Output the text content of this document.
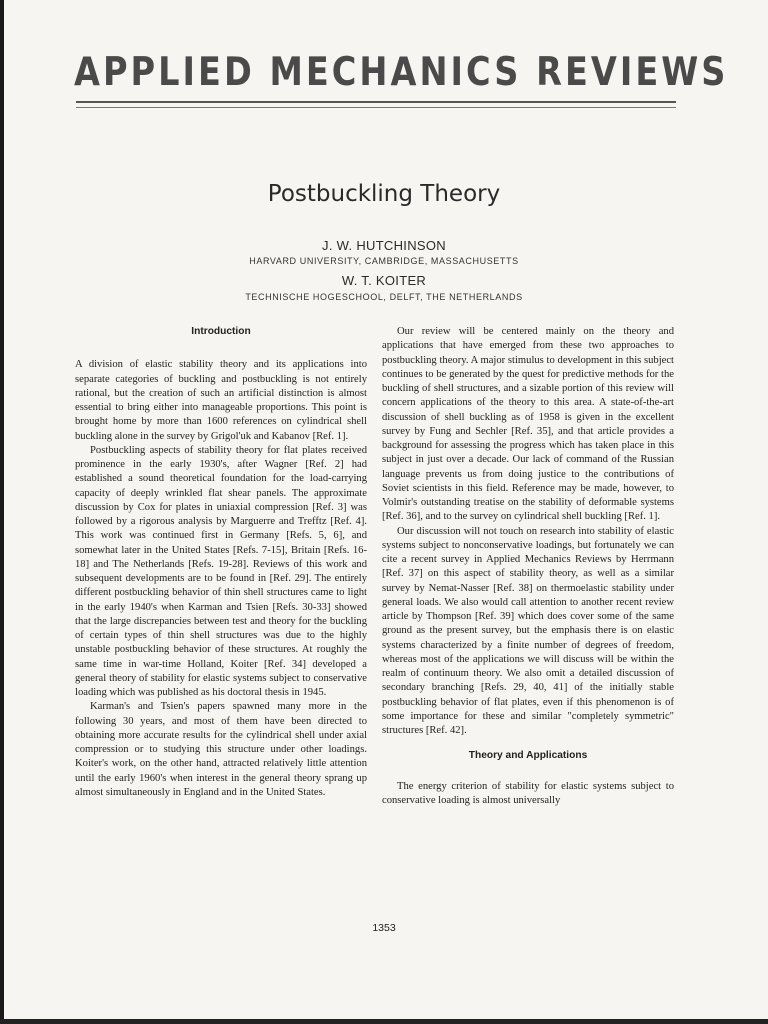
APPLIED MECHANICS REVIEWS
Postbuckling Theory
J. W. HUTCHINSON
HARVARD UNIVERSITY, CAMBRIDGE, MASSACHUSETTS
W. T. KOITER
TECHNISCHE HOGESCHOOL, DELFT, THE NETHERLANDS
Introduction

A division of elastic stability theory and its applications into separate categories of buckling and postbuckling is not entirely rational, but the creation of such an artificial distinction is almost essential to bring either into manageable proportions. This point is brought home by more than 1600 references on cylindrical shell buckling alone in the survey by Grigol'uk and Kabanov [Ref. 1].

Postbuckling aspects of stability theory for flat plates received prominence in the early 1930's, after Wagner [Ref. 2] had established a sound theoretical foundation for the load-carrying capacity of deeply wrinkled flat shear panels. The approximate discussion by Cox for plates in uniaxial compression [Ref. 3] was followed by a rigorous analysis by Marguerre and Trefftz [Ref. 4]. This work was continued first in Germany [Refs. 5, 6], and somewhat later in the United States [Refs. 7-15], Britain [Refs. 16-18] and The Netherlands [Refs. 19-28]. Reviews of this work and subsequent developments are to be found in [Ref. 29]. The entirely different postbuckling behavior of thin shell structures came to light in the early 1940's when Karman and Tsien [Refs. 30-33] showed that the large discrepancies between test and theory for the buckling of certain types of thin shell structures was due to the highly unstable postbuckling behavior of these structures. At roughly the same time in war-time Holland, Koiter [Ref. 34] developed a general theory of stability for elastic systems subject to conservative loading which was published as his doctoral thesis in 1945.

Karman's and Tsien's papers spawned many more in the following 30 years, and most of them have been directed to obtaining more accurate results for the cylindrical shell under axial compression or to studying this structure under other loadings. Koiter's work, on the other hand, attracted relatively little attention until the early 1960's when interest in the general theory sprang up almost simultaneously in England and in the United States.

Our review will be centered mainly on the theory and applications that have emerged from these two approaches to postbuckling theory. A major stimulus to development in this subject continues to be generated by the quest for predictive methods for the buckling of shell structures, and a sizable portion of this review will concern applications of the theory to this area. A state-of-the-art discussion of shell buckling as of 1958 is given in the excellent survey by Fung and Sechler [Ref. 35], and that article provides a background for assessing the progress which has taken place in this subject in just over a decade. Our lack of command of the Russian language prevents us from doing justice to the contributions of Soviet scientists in this field. Reference may be made, however, to Volmir's outstanding treatise on the stability of deformable systems [Ref. 36], and to the survey on cylindrical shell buckling [Ref. 1].

Our discussion will not touch on research into stability of elastic systems subject to nonconservative loadings, but fortunately we can cite a recent survey in Applied Mechanics Reviews by Herrmann [Ref. 37] on this aspect of stability theory, as well as a similar survey by Nemat-Nasser [Ref. 38] on thermoelastic stability under general loads. We also would call attention to another recent review article by Thompson [Ref. 39] which does cover some of the same ground as the present survey, but the emphasis there is on elastic systems characterized by a finite number of degrees of freedom, whereas most of the applications we will discuss will be within the realm of continuum theory. We also omit a detailed discussion of secondary branching [Refs. 29, 40, 41] of the initially stable postbuckling behavior of flat plates, even if this phenomenon is of some importance for these and similar "completely symmetric" structures [Ref. 42].

Theory and Applications

The energy criterion of stability for elastic systems subject to conservative loading is almost universally

1353
